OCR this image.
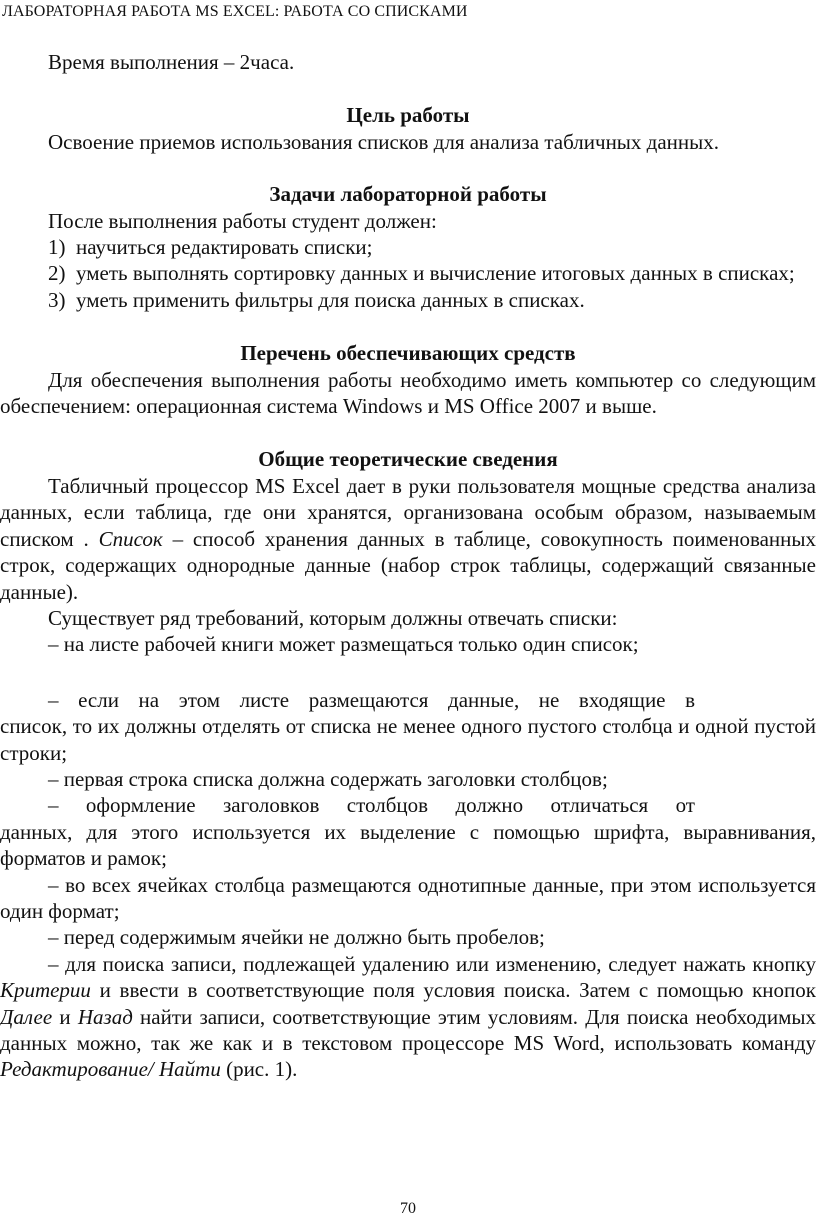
ЛАБОРАТОРНАЯ РАБОТА MS EXCEL: РАБОТА СО СПИСКАМИ

Время выполнения – 2часа.

Цель работы

Освоение приемов использования списков для анализа табличных данных.

Задачи лабораторной работы

После выполнения работы студент должен:

1) научиться редактировать списки;

2) уметь выполнять сортировку данных и вычисление итоговых данных в списках;

3) уметь применить фильтры для поиска данных в списках.

Перечень обеспечивающих средств

Для обеспечения выполнения работы необходимо иметь компьютер со следующим обеспечением: операционная система Windows и MS Office 2007 и выше.

Общие теоретические сведения

Табличный процессор MS Excel дает в руки пользователя мощные средства анализа данных, если таблица, где они хранятся, организована особым образом, называемым списком . Список – способ хранения данных в таблице, совокупность поименованных строк, содержащих однородные данные (набор строк таблицы, содержащий связанные данные).

Существует ряд требований, которым должны отвечать списки:

– на листе рабочей книги может размещаться только один список;

– если на этом листе размещаются данные, не входящие в

список, то их должны отделять от списка не менее одного пустого столбца и одной пустой строки;

– первая строка списка должна содержать заголовки столбцов;

– оформление заголовков столбцов должно отличаться от

данных, для этого используется их выделение с помощью шрифта, выравнивания, форматов и рамок;

– во всех ячейках столбца размещаются однотипные данные, при этом используется один формат;

– перед содержимым ячейки не должно быть пробелов;

– для поиска записи, подлежащей удалению или изменению, следует нажать кнопку Критерии и ввести в соответствующие поля условия поиска. Затем с помощью кнопок Далее и Назад найти записи, соответствующие этим условиям. Для поиска необходимых данных можно, так же как и в текстовом процессоре MS Word, использовать команду Редактирование/ Найти (рис. 1).

70
